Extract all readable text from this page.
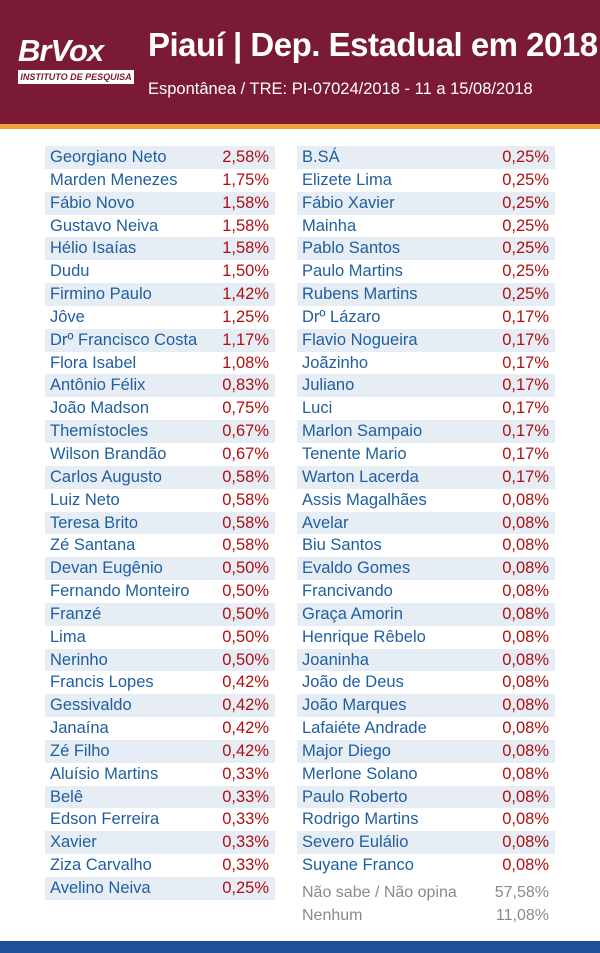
BrVox
INSTITUTO DE PESQUISA
Piauí | Dep. Estadual em 2018
Espontânea / TRE: PI-07024/2018 - 11 a 15/08/2018
Georgiano Neto	2,58%
Marden Menezes	1,75%
Fábio Novo	1,58%
Gustavo Neiva	1,58%
Hélio Isaías	1,58%
Dudu	1,50%
Firmino Paulo	1,42%
Jôve	1,25%
Drº Francisco Costa 1,17%
Flora Isabel	1,08%
Antônio Félix	0,83%
João Madson	0,75%
Themístocles	0,67%
Wilson Brandão	0,67%
Carlos Augusto	0,58%
Luiz Neto	0,58%
Teresa Brito	0,58%
Zé Santana	0,58%
Devan Eugênio	0,50%
Fernando Monteiro 0,50%
Franzé	0,50%
Lima	0,50%
Nerinho	0,50%
Francis Lopes	0,42%
Gessivaldo	0,42%
Janaína	0,42%
Zé Filho	0,42%
Aluísio Martins	0,33%
Belê	0,33%
Edson Ferreira	0,33%
Xavier	0,33%
Ziza Carvalho	0,33%
Avelino Neiva	0,25%
B.SÁ	0,25%
Elizete Lima	0,25%
Fábio Xavier	0,25%
Mainha	0,25%
Pablo Santos	0,25%
Paulo Martins	0,25%
Rubens Martins	0,25%
Drº Lázaro	0,17%
Flavio Nogueira	0,17%
Joãzinho	0,17%
Juliano	0,17%
Luci	0,17%
Marlon Sampaio	0,17%
Tenente Mario	0,17%
Warton Lacerda	0,17%
Assis Magalhães	0,08%
Avelar	0,08%
Biu Santos	0,08%
Evaldo Gomes	0,08%
Francivando	0,08%
Graça Amorin	0,08%
Henrique Rêbelo	0,08%
Joaninha	0,08%
João de Deus	0,08%
João Marques	0,08%
Lafaiéte Andrade	0,08%
Major Diego	0,08%
Merlone Solano	0,08%
Paulo Roberto	0,08%
Rodrigo Martins	0,08%
Severo Eulálio	0,08%
Suyane Franco	0,08%
Não sabe / Não opina 57,58%
Nenhum	11,08%
